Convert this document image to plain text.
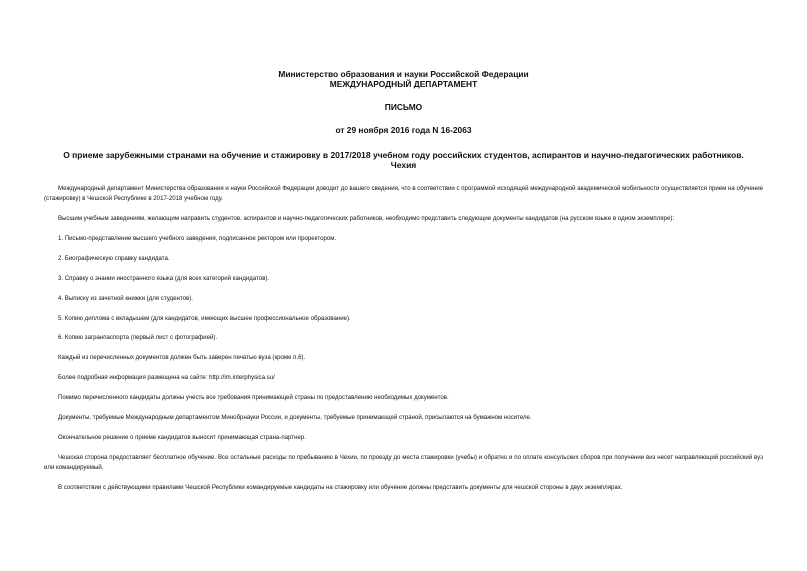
Министерство образования и науки Российской Федерации
МЕЖДУНАРОДНЫЙ ДЕПАРТАМЕНТ
ПИСЬМО
от 29 ноября 2016 года N 16-2063
О приеме зарубежными странами на обучение и стажировку в 2017/2018 учебном году российских студентов, аспирантов и научно-педагогических работников.
Чехия

Международный департамент Министерства образования и науки Российской Федерации доводит до вашего сведения, что в соответствии с программой исходящей международной академической мобильности осуществляется прием на обучение (стажировку) в Чешской Республике в 2017-2018 учебном году.

Высшим учебным заведениям, желающим направить студентов, аспирантов и научно-педагогических работников, необходимо представить следующие документы кандидатов (на русском языке в одном экземпляре):

1. Письмо-представление высшего учебного заведения, подписанное ректором или проректором.

2. Биографическую справку кандидата.

3. Справку о знании иностранного языка (для всех категорий кандидатов).

4. Выписку из зачетной книжки (для студентов).

5. Копию диплома с вкладышем (для кандидатов, имеющих высшее профессиональное образование).

6. Копию загранпаспорта (первый лист с фотографией).

Каждый из перечисленных документов должен быть заверен печатью вуза (кроме п.6).

Более подробная информация размещена на сайте: http://im.interphysica.su/

Помимо перечисленного кандидаты должны учесть все требования принимающей страны по предоставлению необходимых документов.

Документы, требуемые Международным департаментом Минобрнауки России, и документы, требуемые принимающей страной, присылаются на бумажном носителе.

Окончательное решение о приеме кандидатов выносит принимающая страна-партнер.

Чешская сторона предоставляет бесплатное обучение. Все остальные расходы по пребыванию в Чехии, по проезду до места стажировки (учебы) и обратно и по оплате консульских сборов при получении виз несет направляющий российский вуз или командируемый.

В соответствии с действующими правилами Чешской Республики командируемые кандидаты на стажировку или обучение должны представить документы для чешской стороны в двух экземплярах.
